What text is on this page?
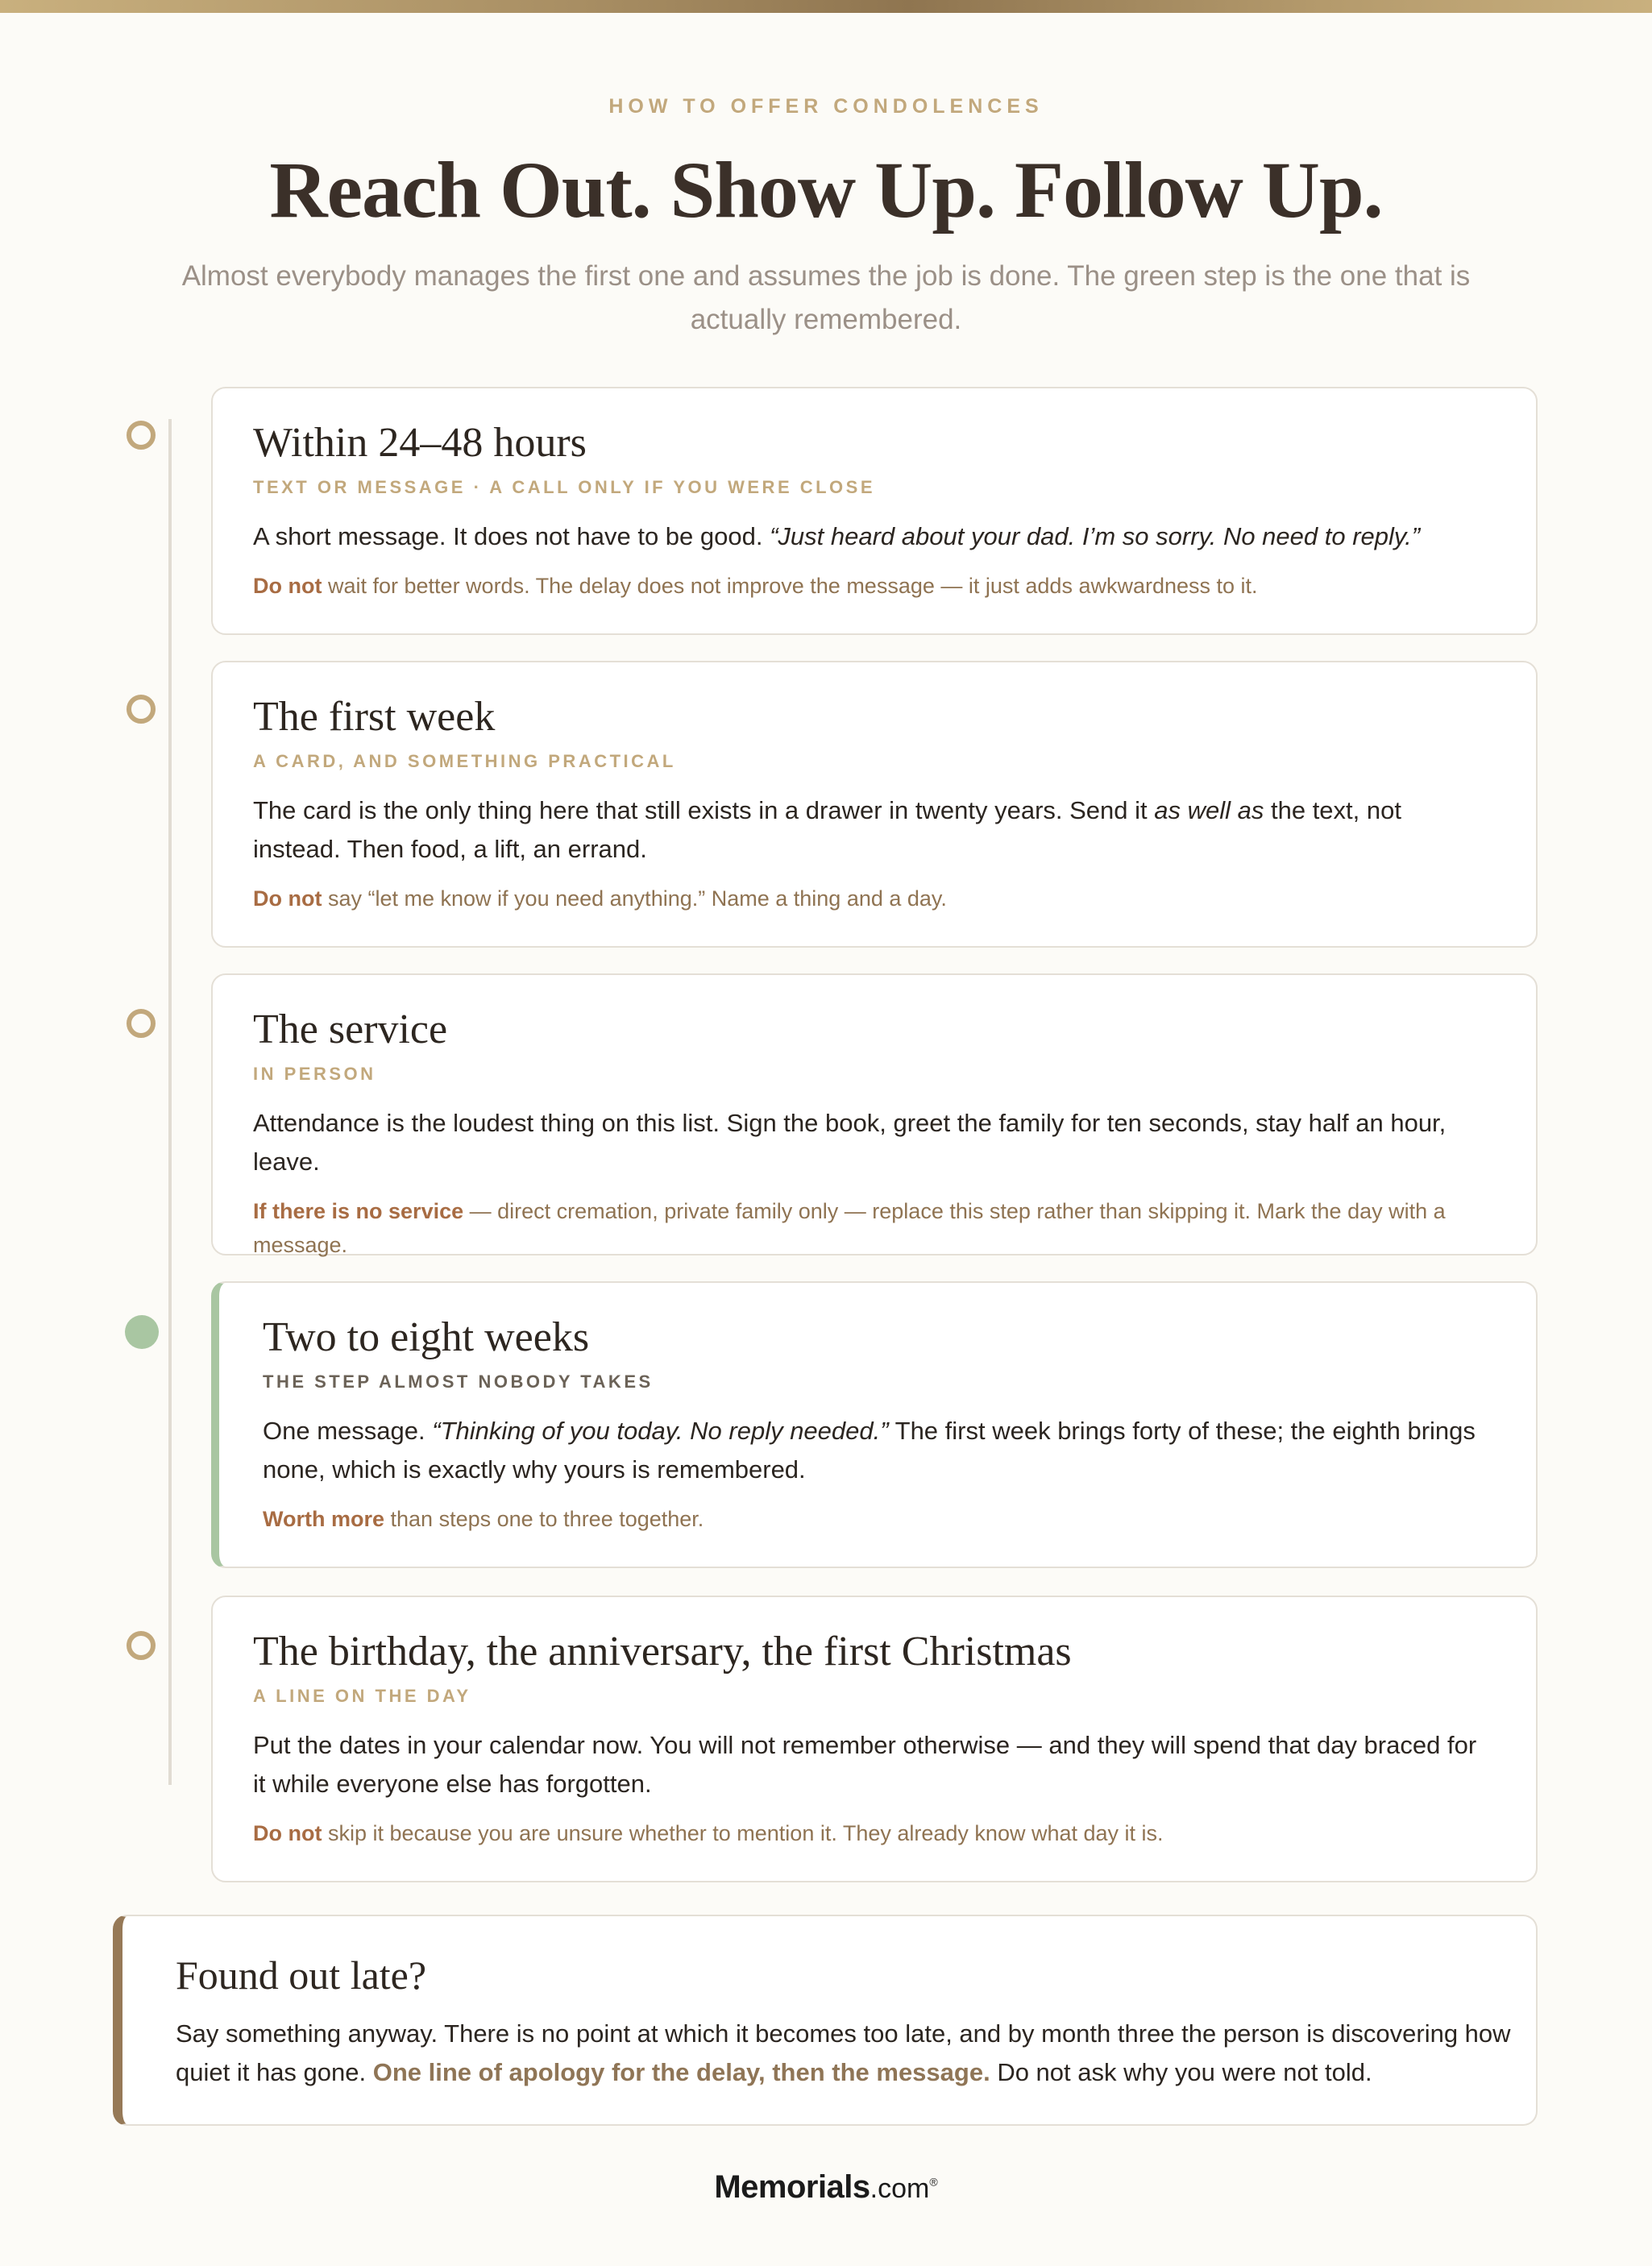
HOW TO OFFER CONDOLENCES
Reach Out. Show Up. Follow Up.

Almost everybody manages the first one and assumes the job is done. The green step is the one that is actually remembered.

Within 24–48 hours
TEXT OR MESSAGE · A CALL ONLY IF YOU WERE CLOSE

A short message. It does not have to be good. “Just heard about your dad. I’m so sorry. No need to reply.”

Do not wait for better words. The delay does not improve the message — it just adds awkwardness to it.

The first week
A CARD, AND SOMETHING PRACTICAL

The card is the only thing here that still exists in a drawer in twenty years. Send it as well as the text, not instead. Then food, a lift, an errand.

Do not say “let me know if you need anything.” Name a thing and a day.

The service
IN PERSON

Attendance is the loudest thing on this list. Sign the book, greet the family for ten seconds, stay half an hour, leave.

If there is no service — direct cremation, private family only — replace this step rather than skipping it. Mark the day with a message.

Two to eight weeks
THE STEP ALMOST NOBODY TAKES

One message. “Thinking of you today. No reply needed.” The first week brings forty of these; the eighth brings none, which is exactly why yours is remembered.

Worth more than steps one to three together.

The birthday, the anniversary, the first Christmas
A LINE ON THE DAY

Put the dates in your calendar now. You will not remember otherwise — and they will spend that day braced for it while everyone else has forgotten.

Do not skip it because you are unsure whether to mention it. They already know what day it is.

Found out late?

Say something anyway. There is no point at which it becomes too late, and by month three the person is discovering how quiet it has gone. One line of apology for the delay, then the message. Do not ask why you were not told.

Memorials.com®
